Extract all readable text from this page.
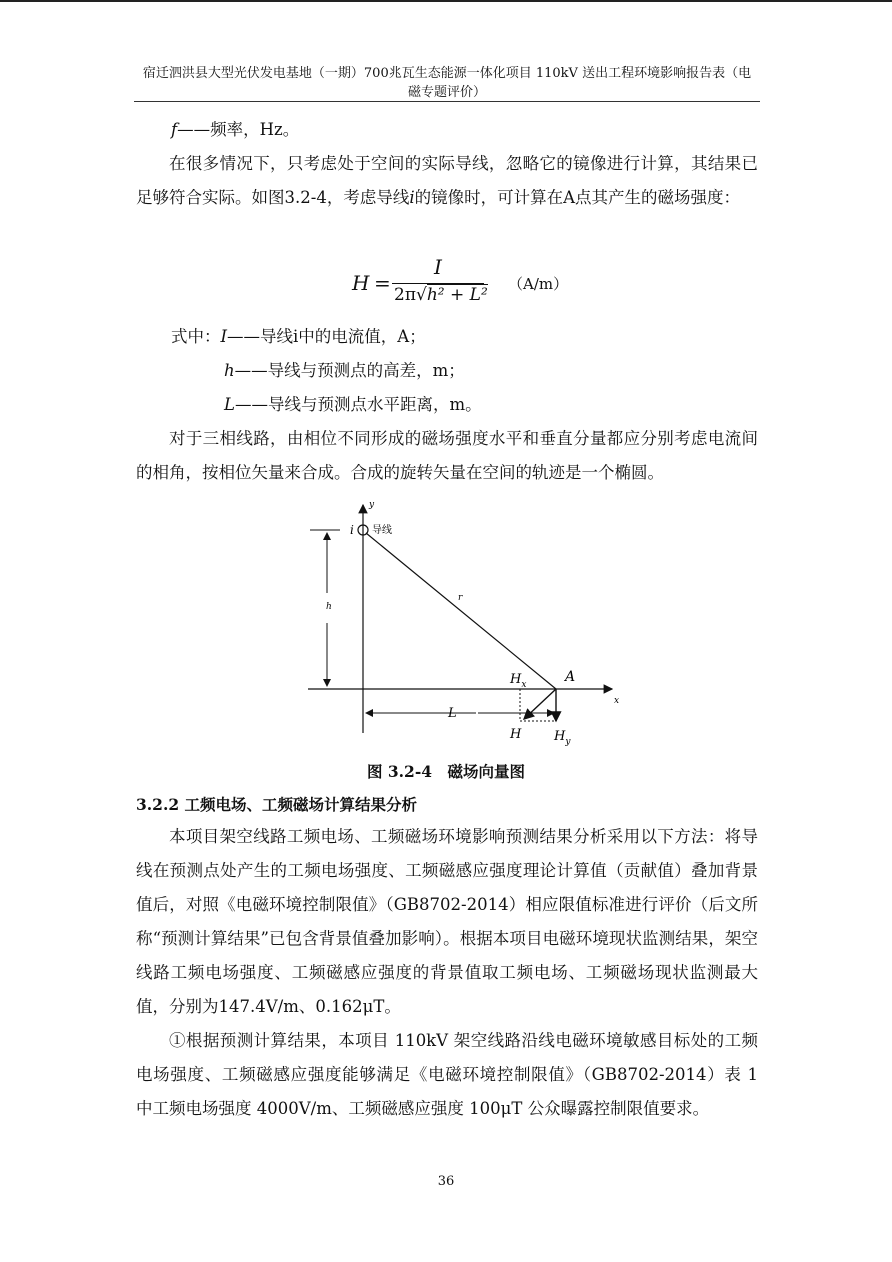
宿迁泗洪县大型光伏发电基地（一期）700兆瓦生态能源一体化项目 110kV 送出工程环境影响报告表（电
磁专题评价）

f——频率，Hz。

在很多情况下，只考虑处于空间的实际导线，忽略它的镜像进行计算，其结果已足够符合实际。如图3.2-4，考虑导线i的镜像时，可计算在A点其产生的磁场强度：

H =
I
2π√h² + L²
（A/m）

式中：I——导线i中的电流值，A；

h——导线与预测点的高差，m；

L——导线与预测点水平距离，m。

对于三相线路，由相位不同形成的磁场强度水平和垂直分量都应分别考虑电流间的相角，按相位矢量来合成。合成的旋转矢量在空间的轨迹是一个椭圆。

y
x
i 导线
h
r
A
$H_x$
L
H	$H_y$
图 3.2-4　磁场向量图
3.2.2 工频电场、工频磁场计算结果分析

本项目架空线路工频电场、工频磁场环境影响预测结果分析采用以下方法：将导线在预测点处产生的工频电场强度、工频磁感应强度理论计算值（贡献值）叠加背景值后，对照《电磁环境控制限值》（GB8702-2014）相应限值标准进行评价（后文所称“预测计算结果”已包含背景值叠加影响）。根据本项目电磁环境现状监测结果，架空线路工频电场强度、工频磁感应强度的背景值取工频电场、工频磁场现状监测最大值，分别为147.4V/m、0.162μT。

①根据预测计算结果，本项目 110kV 架空线路沿线电磁环境敏感目标处的工频电场强度、工频磁感应强度能够满足《电磁环境控制限值》（GB8702-2014）表 1 中工频电场强度 4000V/m、工频磁感应强度 100μT 公众曝露控制限值要求。

36
